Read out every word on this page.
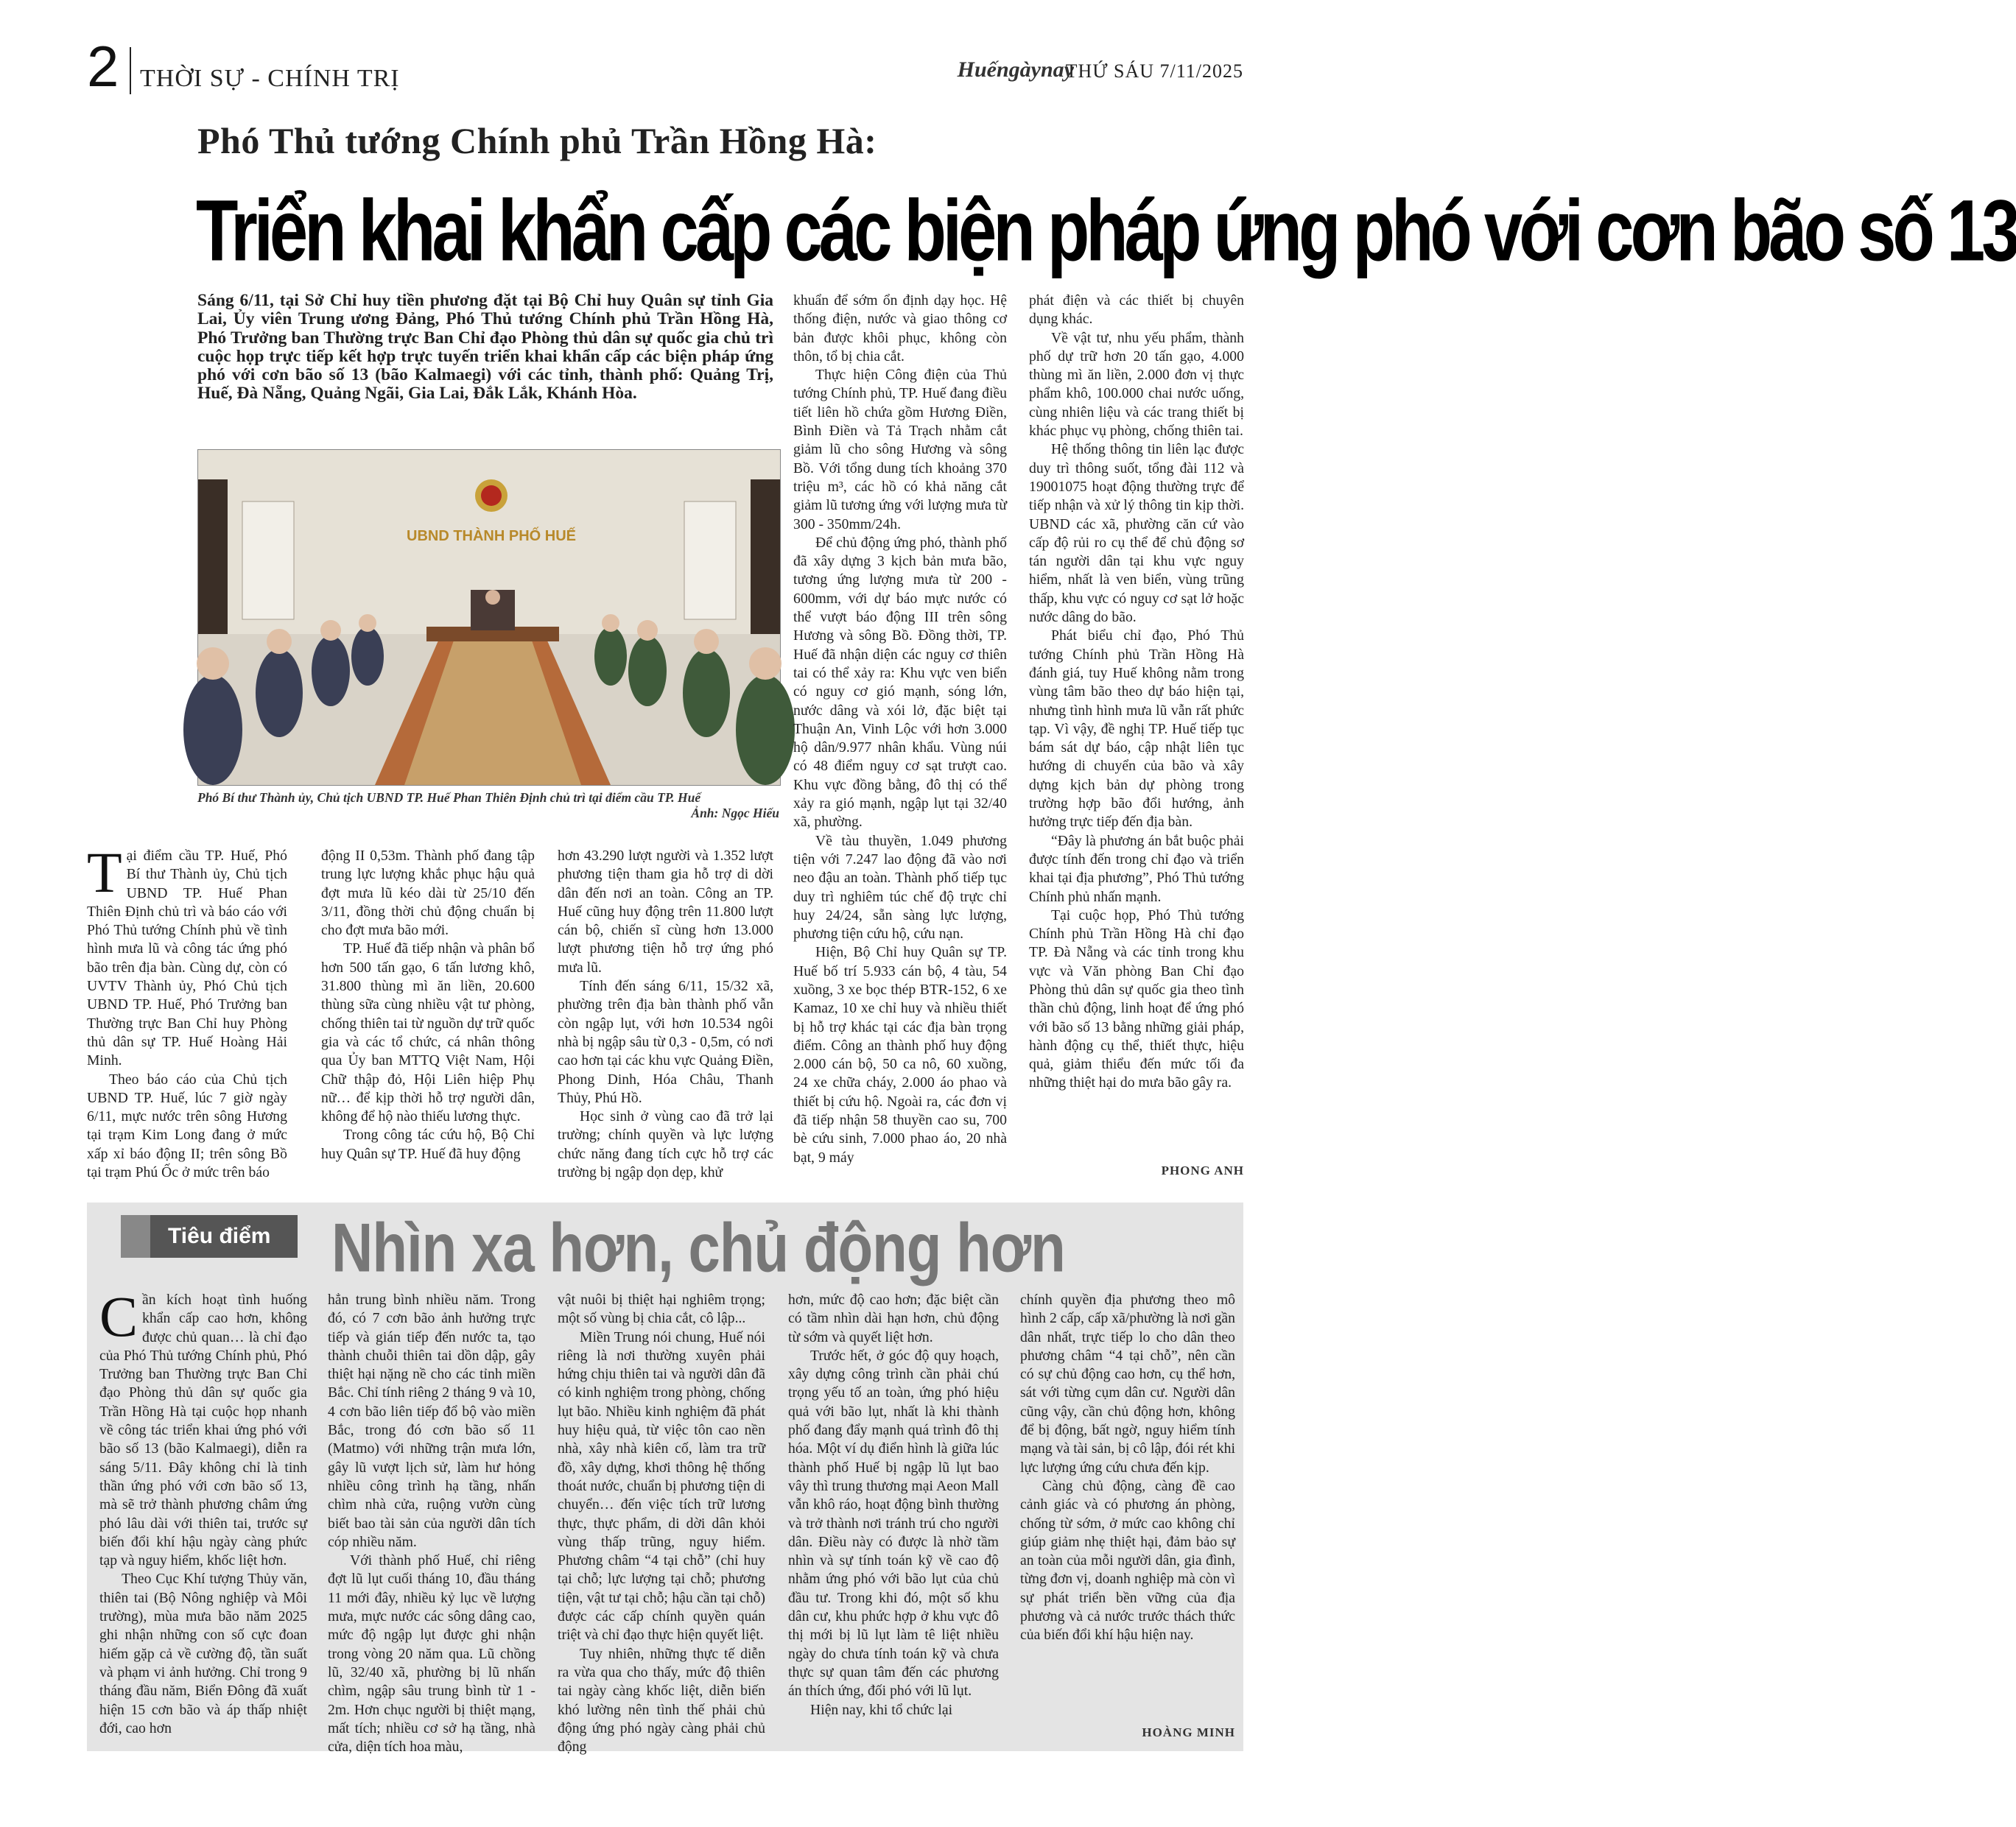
2 THỜI SỰ - CHÍNH TRỊ	Huếngàynay
THỨ SÁU 7/11/2025
Phó Thủ tướng Chính phủ Trần Hồng Hà:
Triển khai khẩn cấp các biện pháp ứng phó với cơn bão số 13
Sáng 6/11, tại Sở Chỉ huy tiền phương đặt tại Bộ Chỉ huy Quân sự tỉnh Gia Lai, Ủy viên Trung ương Đảng, Phó Thủ tướng Chính phủ Trần Hồng Hà, Phó Trưởng ban Thường trực Ban Chỉ đạo Phòng thủ dân sự quốc gia chủ trì cuộc họp trực tiếp kết hợp trực tuyến triển khai khẩn cấp các biện pháp ứng phó với cơn bão số 13 (bão Kalmaegi) với các tỉnh, thành phố: Quảng Trị, Huế, Đà Nẵng, Quảng Ngãi, Gia Lai, Đắk Lắk, Khánh Hòa.
UBND THÀNH PHỐ HUẾ
Phó Bí thư Thành ủy, Chủ tịch UBND TP. Huế Phan Thiên Định chủ trì tại điểm cầu TP. Huế
Ảnh: Ngọc Hiếu

Tại điểm cầu TP. Huế, Phó Bí thư Thành ủy, Chủ tịch UBND TP. Huế Phan Thiên Định chủ trì và báo cáo với Phó Thủ tướng Chính phủ về tình hình mưa lũ và công tác ứng phó bão trên địa bàn. Cùng dự, còn có UVTV Thành ủy, Phó Chủ tịch UBND TP. Huế, Phó Trưởng ban Thường trực Ban Chỉ huy Phòng thủ dân sự TP. Huế Hoàng Hải Minh.

Theo báo cáo của Chủ tịch UBND TP. Huế, lúc 7 giờ ngày 6/11, mực nước trên sông Hương tại trạm Kim Long đang ở mức xấp xỉ báo động II; trên sông Bồ tại trạm Phú Ốc ở mức trên báo

động II 0,53m. Thành phố đang tập trung lực lượng khắc phục hậu quả đợt mưa lũ kéo dài từ 25/10 đến 3/11, đồng thời chủ động chuẩn bị cho đợt mưa bão mới.

TP. Huế đã tiếp nhận và phân bổ hơn 500 tấn gạo, 6 tấn lương khô, 31.800 thùng mì ăn liền, 20.600 thùng sữa cùng nhiều vật tư phòng, chống thiên tai từ nguồn dự trữ quốc gia và các tổ chức, cá nhân thông qua Ủy ban MTTQ Việt Nam, Hội Chữ thập đỏ, Hội Liên hiệp Phụ nữ… để kịp thời hỗ trợ người dân, không để hộ nào thiếu lương thực.

Trong công tác cứu hộ, Bộ Chỉ huy Quân sự TP. Huế đã huy động

hơn 43.290 lượt người và 1.352 lượt phương tiện tham gia hỗ trợ di dời dân đến nơi an toàn. Công an TP. Huế cũng huy động trên 11.800 lượt cán bộ, chiến sĩ cùng hơn 13.000 lượt phương tiện hỗ trợ ứng phó mưa lũ.

Tính đến sáng 6/11, 15/32 xã, phường trên địa bàn thành phố vẫn còn ngập lụt, với hơn 10.534 ngôi nhà bị ngập sâu từ 0,3 - 0,5m, có nơi cao hơn tại các khu vực Quảng Điền, Phong Dinh, Hóa Châu, Thanh Thủy, Phú Hồ.

Học sinh ở vùng cao đã trở lại trường; chính quyền và lực lượng chức năng đang tích cực hỗ trợ các trường bị ngập dọn dẹp, khử

khuẩn để sớm ổn định dạy học. Hệ thống điện, nước và giao thông cơ bản được khôi phục, không còn thôn, tổ bị chia cắt.

Thực hiện Công điện của Thủ tướng Chính phủ, TP. Huế đang điều tiết liên hồ chứa gồm Hương Điền, Bình Điền và Tả Trạch nhằm cắt giảm lũ cho sông Hương và sông Bồ. Với tổng dung tích khoảng 370 triệu m³, các hồ có khả năng cắt giảm lũ tương ứng với lượng mưa từ 300 - 350mm/24h.

Để chủ động ứng phó, thành phố đã xây dựng 3 kịch bản mưa bão, tương ứng lượng mưa từ 200 - 600mm, với dự báo mực nước có thể vượt báo động III trên sông Hương và sông Bồ. Đồng thời, TP. Huế đã nhận diện các nguy cơ thiên tai có thể xảy ra: Khu vực ven biển có nguy cơ gió mạnh, sóng lớn, nước dâng và xói lở, đặc biệt tại Thuận An, Vinh Lộc với hơn 3.000 hộ dân/9.977 nhân khẩu. Vùng núi có 48 điểm nguy cơ sạt trượt cao. Khu vực đồng bằng, đô thị có thể xảy ra gió mạnh, ngập lụt tại 32/40 xã, phường.

Về tàu thuyền, 1.049 phương tiện với 7.247 lao động đã vào nơi neo đậu an toàn. Thành phố tiếp tục duy trì nghiêm túc chế độ trực chỉ huy 24/24, sẵn sàng lực lượng, phương tiện cứu hộ, cứu nạn.

Hiện, Bộ Chỉ huy Quân sự TP. Huế bố trí 5.933 cán bộ, 4 tàu, 54 xuồng, 3 xe bọc thép BTR-152, 6 xe Kamaz, 10 xe chỉ huy và nhiều thiết bị hỗ trợ khác tại các địa bàn trọng điểm. Công an thành phố huy động 2.000 cán bộ, 50 ca nô, 60 xuồng, 24 xe chữa cháy, 2.000 áo phao và thiết bị cứu hộ. Ngoài ra, các đơn vị đã tiếp nhận 58 thuyền cao su, 700 bè cứu sinh, 7.000 phao áo, 20 nhà bạt, 9 máy

phát điện và các thiết bị chuyên dụng khác.

Về vật tư, nhu yếu phẩm, thành phố dự trữ hơn 20 tấn gạo, 4.000 thùng mì ăn liền, 2.000 đơn vị thực phẩm khô, 100.000 chai nước uống, cùng nhiên liệu và các trang thiết bị khác phục vụ phòng, chống thiên tai.

Hệ thống thông tin liên lạc được duy trì thông suốt, tổng đài 112 và 19001075 hoạt động thường trực để tiếp nhận và xử lý thông tin kịp thời. UBND các xã, phường căn cứ vào cấp độ rủi ro cụ thể để chủ động sơ tán người dân tại khu vực nguy hiểm, nhất là ven biển, vùng trũng thấp, khu vực có nguy cơ sạt lở hoặc nước dâng do bão.

Phát biểu chỉ đạo, Phó Thủ tướng Chính phủ Trần Hồng Hà đánh giá, tuy Huế không nằm trong vùng tâm bão theo dự báo hiện tại, nhưng tình hình mưa lũ vẫn rất phức tạp. Vì vậy, đề nghị TP. Huế tiếp tục bám sát dự báo, cập nhật liên tục hướng di chuyển của bão và xây dựng kịch bản dự phòng trong trường hợp bão đổi hướng, ảnh hưởng trực tiếp đến địa bàn.

“Đây là phương án bắt buộc phải được tính đến trong chỉ đạo và triển khai tại địa phương”, Phó Thủ tướng Chính phủ nhấn mạnh.

Tại cuộc họp, Phó Thủ tướng Chính phủ Trần Hồng Hà chỉ đạo TP. Đà Nẵng và các tỉnh trong khu vực và Văn phòng Ban Chỉ đạo Phòng thủ dân sự quốc gia theo tình thần chủ động, linh hoạt để ứng phó với bão số 13 bằng những giải pháp, hành động cụ thể, thiết thực, hiệu quả, giảm thiểu đến mức tối đa những thiệt hại do mưa bão gây ra.

PHONG ANH
Tiêu điểm	Nhìn xa hơn, chủ động hơn

Cần kích hoạt tình huống khẩn cấp cao hơn, không được chủ quan… là chỉ đạo của Phó Thủ tướng Chính phủ, Phó Trưởng ban Thường trực Ban Chỉ đạo Phòng thủ dân sự quốc gia Trần Hồng Hà tại cuộc họp nhanh về công tác triển khai ứng phó với bão số 13 (bão Kalmaegi), diễn ra sáng 5/11. Đây không chỉ là tinh thần ứng phó với cơn bão số 13, mà sẽ trở thành phương châm ứng phó lâu dài với thiên tai, trước sự biến đổi khí hậu ngày càng phức tạp và nguy hiểm, khốc liệt hơn.

Theo Cục Khí tượng Thủy văn, thiên tai (Bộ Nông nghiệp và Môi trường), mùa mưa bão năm 2025 ghi nhận những con số cực đoan hiếm gặp cả về cường độ, tần suất và phạm vi ảnh hưởng. Chỉ trong 9 tháng đầu năm, Biển Đông đã xuất hiện 15 cơn bão và áp thấp nhiệt đới, cao hơn

hẳn trung bình nhiều năm. Trong đó, có 7 cơn bão ảnh hưởng trực tiếp và gián tiếp đến nước ta, tạo thành chuỗi thiên tai dồn dập, gây thiệt hại nặng nề cho các tỉnh miền Bắc. Chỉ tính riêng 2 tháng 9 và 10, 4 cơn bão liên tiếp đổ bộ vào miền Bắc, trong đó cơn bão số 11 (Matmo) với những trận mưa lớn, gây lũ vượt lịch sử, làm hư hỏng nhiều công trình hạ tầng, nhấn chìm nhà cửa, ruộng vườn cùng biết bao tài sản của người dân tích cóp nhiều năm.

Với thành phố Huế, chỉ riêng đợt lũ lụt cuối tháng 10, đầu tháng 11 mới đây, nhiều kỷ lục về lượng mưa, mực nước các sông dâng cao, mức độ ngập lụt được ghi nhận trong vòng 20 năm qua. Lũ chồng lũ, 32/40 xã, phường bị lũ nhấn chìm, ngập sâu trung bình từ 1 - 2m. Hơn chục người bị thiệt mạng, mất tích; nhiều cơ sở hạ tầng, nhà cửa, diện tích hoa màu,

vật nuôi bị thiệt hại nghiêm trọng; một số vùng bị chia cắt, cô lập...

Miền Trung nói chung, Huế nói riêng là nơi thường xuyên phải hứng chịu thiên tai và người dân đã có kinh nghiệm trong phòng, chống lụt bão. Nhiều kinh nghiệm đã phát huy hiệu quả, từ việc tôn cao nền nhà, xây nhà kiên cố, làm tra trữ đồ, xây dựng, khơi thông hệ thống thoát nước, chuẩn bị phương tiện di chuyển… đến việc tích trữ lương thực, thực phẩm, di dời dân khỏi vùng thấp trũng, nguy hiểm. Phương châm “4 tại chỗ” (chỉ huy tại chỗ; lực lượng tại chỗ; phương tiện, vật tư tại chỗ; hậu cần tại chỗ) được các cấp chính quyền quán triệt và chỉ đạo thực hiện quyết liệt.

Tuy nhiên, những thực tế diễn ra vừa qua cho thấy, mức độ thiên tai ngày càng khốc liệt, diễn biến khó lường nên tình thế phải chủ động ứng phó ngày càng phải chủ động

hơn, mức độ cao hơn; đặc biệt cần có tầm nhìn dài hạn hơn, chủ động từ sớm và quyết liệt hơn.

Trước hết, ở góc độ quy hoạch, xây dựng công trình cần phải chú trọng yếu tố an toàn, ứng phó hiệu quả với bão lụt, nhất là khi thành phố đang đẩy mạnh quá trình đô thị hóa. Một ví dụ điển hình là giữa lúc thành phố Huế bị ngập lũ lụt bao vây thì trung thương mại Aeon Mall vẫn khô ráo, hoạt động bình thường và trở thành nơi tránh trú cho người dân. Điều này có được là nhờ tầm nhìn và sự tính toán kỹ về cao độ nhằm ứng phó với bão lụt của chủ đầu tư. Trong khi đó, một số khu dân cư, khu phức hợp ở khu vực đô thị mới bị lũ lụt làm tê liệt nhiều ngày do chưa tính toán kỹ và chưa thực sự quan tâm đến các phương án thích ứng, đối phó với lũ lụt.

Hiện nay, khi tổ chức lại

chính quyền địa phương theo mô hình 2 cấp, cấp xã/phường là nơi gần dân nhất, trực tiếp lo cho dân theo phương châm “4 tại chỗ”, nên cần có sự chủ động cao hơn, cụ thể hơn, sát với từng cụm dân cư. Người dân cũng vậy, cần chủ động hơn, không để bị động, bất ngờ, nguy hiểm tính mạng và tài sản, bị cô lập, đói rét khi lực lượng ứng cứu chưa đến kịp.

Càng chủ động, càng đề cao cảnh giác và có phương án phòng, chống từ sớm, ở mức cao không chỉ giúp giảm nhẹ thiệt hại, đảm bảo sự an toàn của mỗi người dân, gia đình, từng đơn vị, doanh nghiệp mà còn vì sự phát triển bền vững của địa phương và cả nước trước thách thức của biến đổi khí hậu hiện nay.

HOÀNG MINH
